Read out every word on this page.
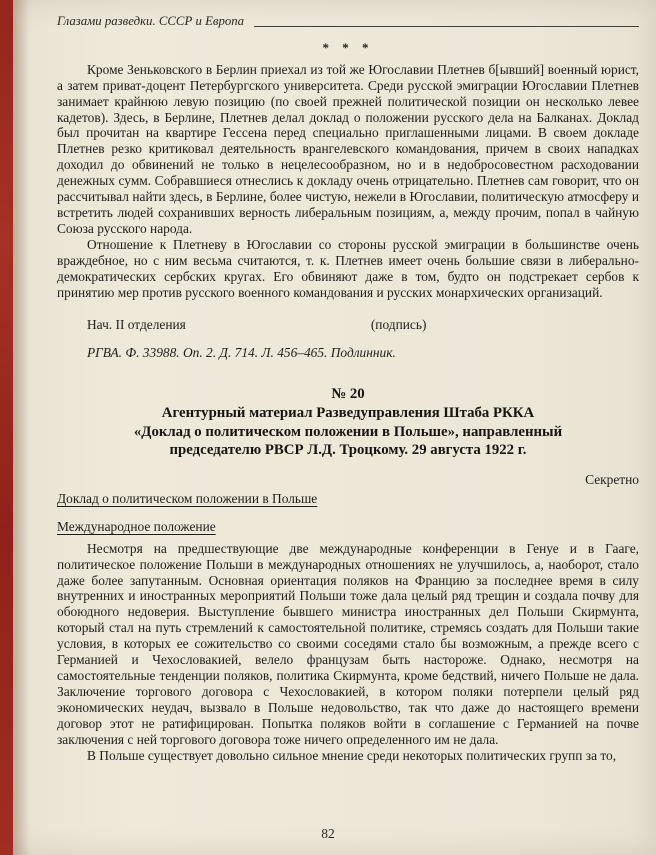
Глазами разведки. СССР и Европа
* * *

Кроме Зеньковского в Берлин приехал из той же Югославии Плетнев б[ывший] военный юрист, а затем приват-доцент Петербургского университета. Среди русской эмиграции Югославии Плетнев занимает крайнюю левую позицию (по своей прежней политической позиции он несколько левее кадетов). Здесь, в Берлине, Плетнев делал доклад о положении русского дела на Балканах. Доклад был прочитан на квартире Гессена перед специально приглашенными лицами. В своем докладе Плетнев резко критиковал деятельность врангелевского командования, причем в своих нападках доходил до обвинений не только в нецелесообразном, но и в недобросовестном расходовании денежных сумм. Собравшиеся отнеслись к докладу очень отрицательно. Плетнев сам говорит, что он рассчитывал найти здесь, в Берлине, более чистую, нежели в Югославии, политическую атмосферу и встретить людей сохранивших верность либеральным позициям, а, между прочим, попал в чайную Союза русского народа.

Отношение к Плетневу в Югославии со стороны русской эмиграции в большинстве очень враждебное, но с ним весьма считаются, т. к. Плетнев имеет очень большие связи в либерально-демократических сербских кругах. Его обвиняют даже в том, будто он подстрекает сербов к принятию мер против русского военного командования и русских монархических организаций.

Нач. II отделения	(подпись)

РГВА. Ф. 33988. Оп. 2. Д. 714. Л. 456–465. Подлинник.

№ 20
Агентурный материал Разведуправления Штаба РККА
«Доклад о политическом положении в Польше», направленный
председателю РВСР Л.Д. Троцкому. 29 августа 1922 г.
Секретно
Доклад о политическом положении в Польше
Международное положение

Несмотря на предшествующие две международные конференции в Генуе и в Гааге, политическое положение Польши в международных отношениях не улучшилось, а, наоборот, стало даже более запутанным. Основная ориентация поляков на Францию за последнее время в силу внутренних и иностранных мероприятий Польши тоже дала целый ряд трещин и создала почву для обоюдного недоверия. Выступление бывшего министра иностранных дел Польши Скирмунта, который стал на путь стремлений к самостоятельной политике, стремясь создать для Польши такие условия, в которых ее сожительство со своими соседями стало бы возможным, а прежде всего с Германией и Чехословакией, велело французам быть настороже. Однако, несмотря на самостоятельные тенденции поляков, политика Скирмунта, кроме бедствий, ничего Польше не дала. Заключение торгового договора с Чехословакией, в котором поляки потерпели целый ряд экономических неудач, вызвало в Польше недовольство, так что даже до настоящего времени договор этот не ратифицирован. Попытка поляков войти в соглашение с Германией на почве заключения с ней торгового договора тоже ничего определенного им не дала.

В Польше существует довольно сильное мнение среди некоторых политических групп за то,

82
